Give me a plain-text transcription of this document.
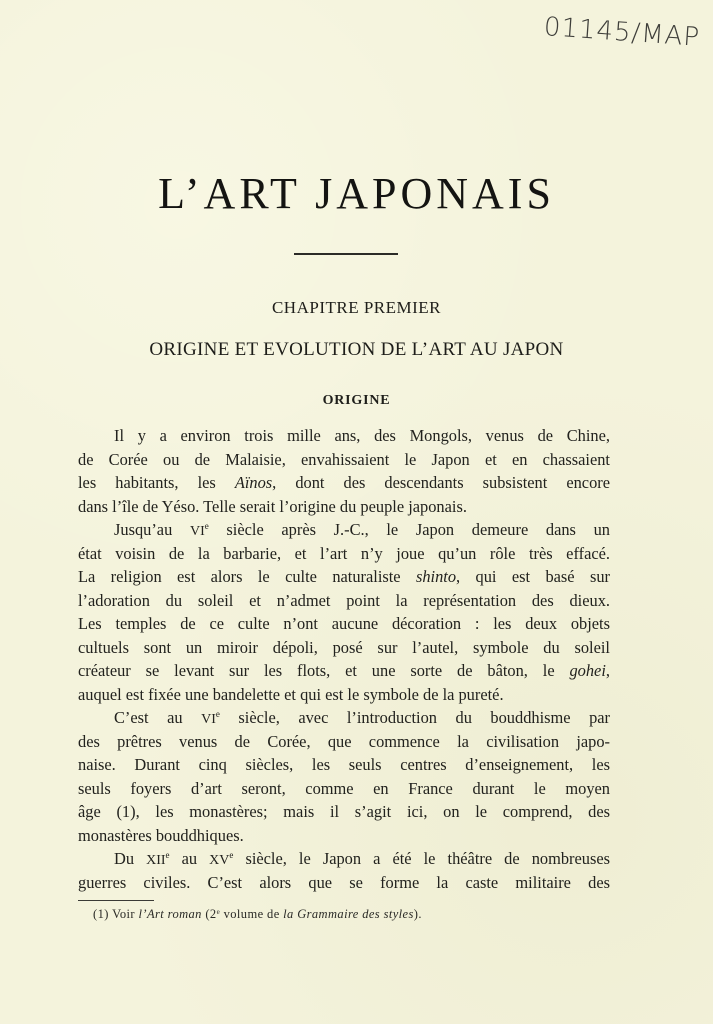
01145/MAP
L’ART JAPONAIS
CHAPITRE PREMIER
ORIGINE ET EVOLUTION DE L’ART AU JAPON
ORIGINE
Il y a environ trois mille ans, des Mongols, venus de Chine,
de Corée ou de Malaisie, envahissaient le Japon et en chassaient
les habitants, les Aïnos, dont des descendants subsistent encore
dans l’île de Yéso. Telle serait l’origine du peuple japonais.
Jusqu’au VIe siècle après J.-C., le Japon demeure dans un
état voisin de la barbarie, et l’art n’y joue qu’un rôle très effacé.
La religion est alors le culte naturaliste shinto, qui est basé sur
l’adoration du soleil et n’admet point la représentation des dieux.
Les temples de ce culte n’ont aucune décoration : les deux objets
cultuels sont un miroir dépoli, posé sur l’autel, symbole du soleil
créateur se levant sur les flots, et une sorte de bâton, le gohei,
auquel est fixée une bandelette et qui est le symbole de la pureté.
C’est au VIe siècle, avec l’introduction du bouddhisme par
des prêtres venus de Corée, que commence la civilisation japo-
naise. Durant cinq siècles, les seuls centres d’enseignement, les
seuls foyers d’art seront, comme en France durant le moyen
âge (1), les monastères; mais il s’agit ici, on le comprend, des
monastères bouddhiques.
Du XIIe au XVe siècle, le Japon a été le théâtre de nombreuses
guerres civiles. C’est alors que se forme la caste militaire des
(1) Voir l’Art roman (2e volume de la Grammaire des styles).
